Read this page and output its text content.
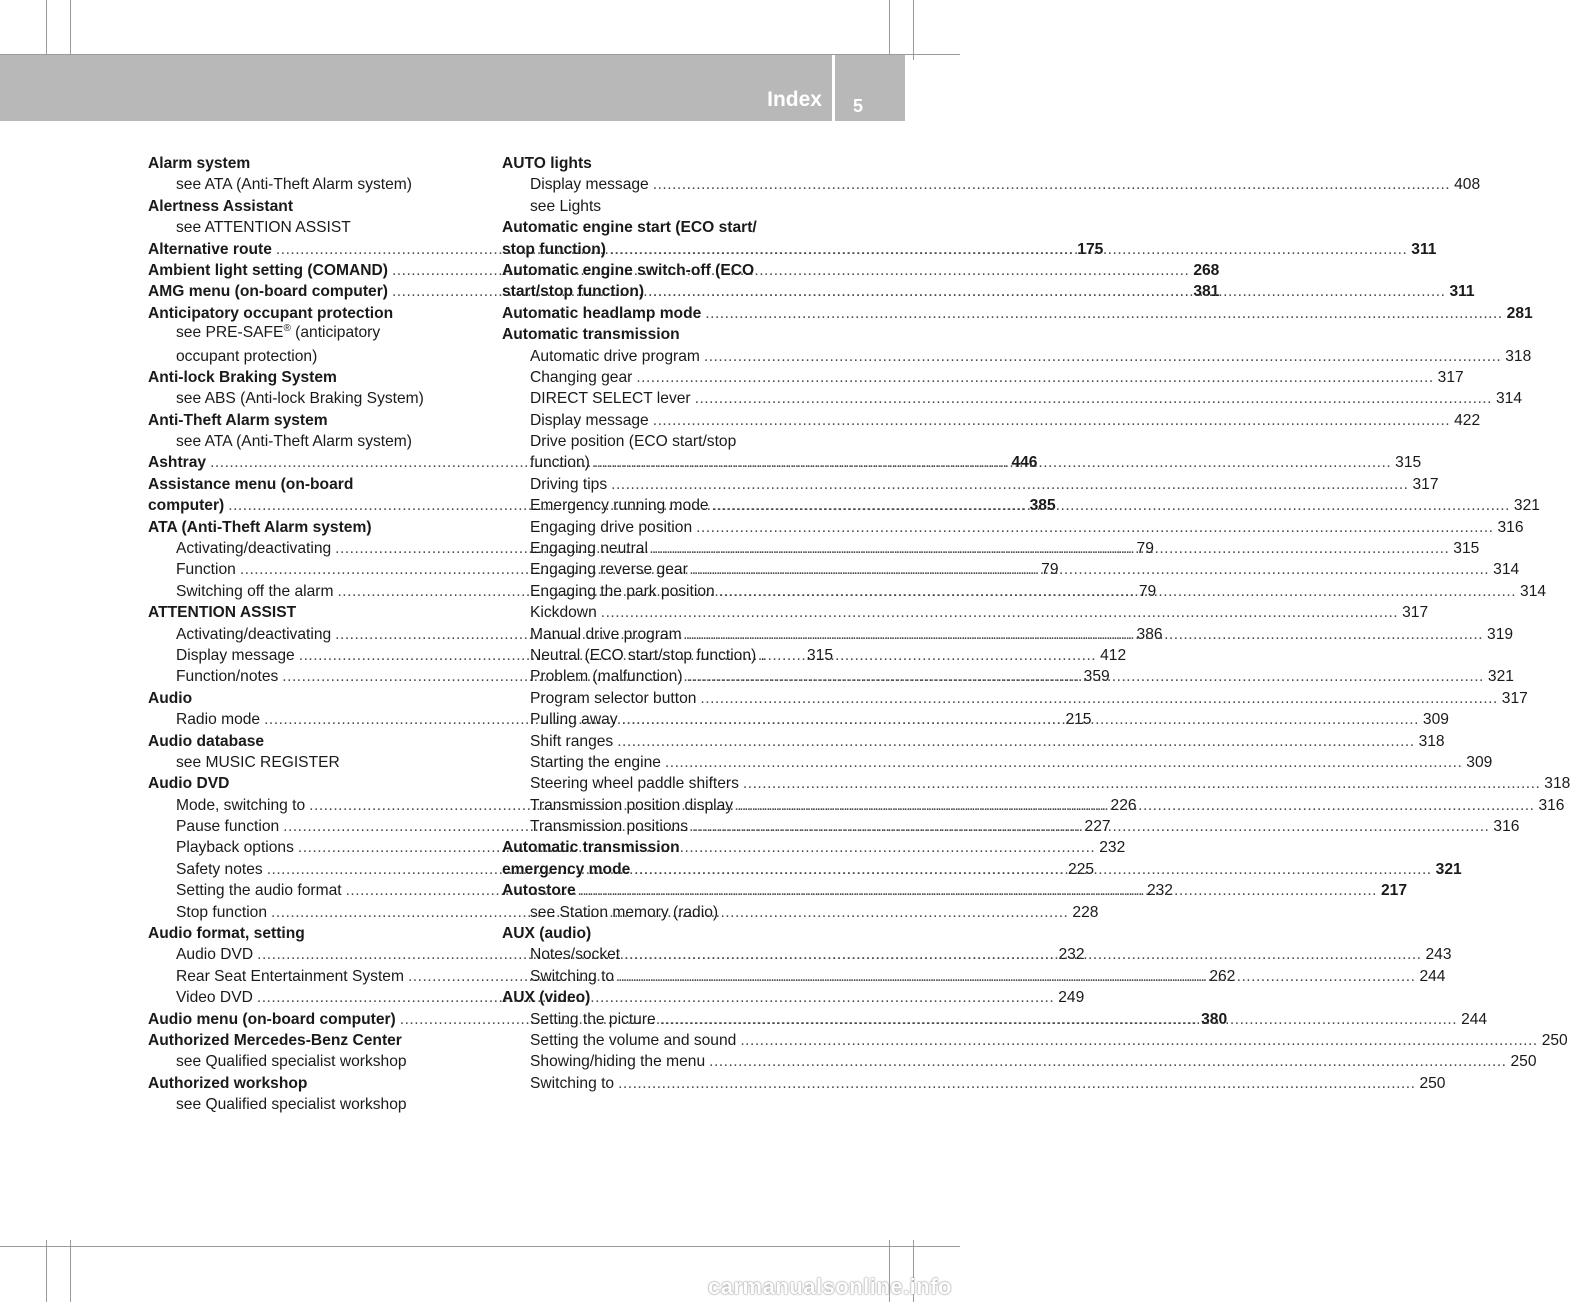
Index 5
Alarm system
see ATA (Anti-Theft Alarm system)
Alertness Assistant
see ATTENTION ASSIST
Alternative route .....	175
Ambient light setting (COMAND) .....	268
AMG menu (on-board computer) .....	381
Anticipatory occupant protection
see PRE-SAFE® (anticipatory
occupant protection)
Anti-lock Braking System
see ABS (Anti-lock Braking System)
Anti-Theft Alarm system
see ATA (Anti-Theft Alarm system)
Ashtray .....	446
Assistance menu (on-board
computer) .....	385
ATA (Anti-Theft Alarm system)
Activating/deactivating .....	79
Function .....	79
Switching off the alarm .....	79
ATTENTION ASSIST
Activating/deactivating .....	386
Display message .....	412
Function/notes .....	359
Audio
Radio mode .....	215
Audio database
see MUSIC REGISTER
Audio DVD
Mode, switching to .....	226
Pause function .....	227
Playback options .....	232
Safety notes .....	225
Setting the audio format .....	232
Stop function .....	228
Audio format, setting
Audio DVD .....	232
Rear Seat Entertainment System .....	262
Video DVD .....	249
Audio menu (on-board computer) .....	380
Authorized Mercedes-Benz Center
see Qualified specialist workshop
Authorized workshop
see Qualified specialist workshop
AUTO lights
Display message .....	408
see Lights
Automatic engine start (ECO start/
stop function) .....	311
Automatic engine switch-off (ECO
start/stop function) .....	311
Automatic headlamp mode .....	281
Automatic transmission
Automatic drive program .....	318
Changing gear .....	317
DIRECT SELECT lever .....	314
Display message .....	422
Drive position (ECO start/stop
function) .....	315
Driving tips .....	317
Emergency running mode .....	321
Engaging drive position .....	316
Engaging neutral .....	315
Engaging reverse gear .....	314
Engaging the park position .....	314
Kickdown .....	317
Manual drive program .....	319
Neutral (ECO start/stop function) .	315
Problem (malfunction) .....	321
Program selector button .....	317
Pulling away .....	309
Shift ranges .....	318
Starting the engine .....	309
Steering wheel paddle shifters .....	318
Transmission position display .....	316
Transmission positions .....	316
Automatic transmission
emergency mode .....	321
Autostore .....	217
see Station memory (radio)
AUX (audio)
Notes/socket .....	243
Switching to .....	244
AUX (video)
Setting the picture .....	244
Setting the volume and sound .....	250
Showing/hiding the menu .....	250
Switching to .....	250
carmanualsonline.info
